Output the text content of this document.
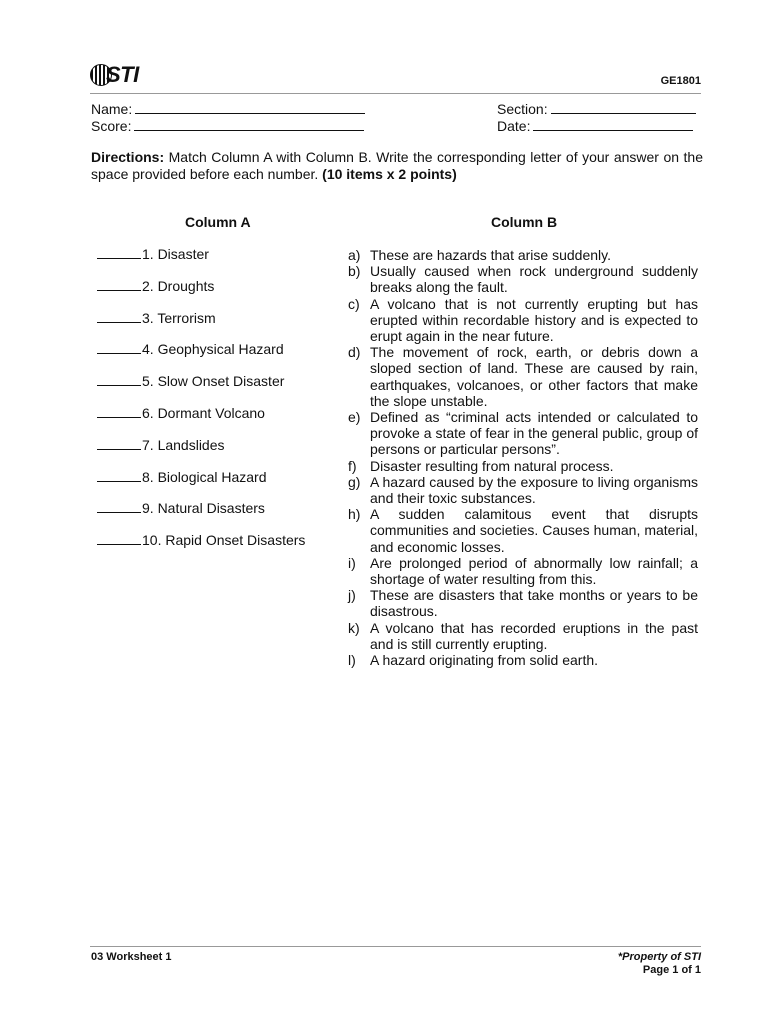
STI	GE1801
Name:
Score:
Section:
Date:
Directions: Match Column A with Column B. Write the corresponding letter of your answer on the space provided before each number. (10 items x 2 points)
Column A	Column B
1. Disaster
2. Droughts
3. Terrorism
4. Geophysical Hazard
5. Slow Onset Disaster
6. Dormant Volcano
7. Landslides
8. Biological Hazard
9. Natural Disasters
10. Rapid Onset Disasters
a) These are hazards that arise suddenly.
b) Usually caused when rock underground suddenly breaks along the fault.
c) A volcano that is not currently erupting but has erupted within recordable history and is expected to erupt again in the near future.
d) The movement of rock, earth, or debris down a sloped section of land. These are caused by rain, earthquakes, volcanoes, or other factors that make the slope unstable.
e) Defined as “criminal acts intended or calculated to provoke a state of fear in the general public, group of persons or particular persons”.
f) Disaster resulting from natural process.
g) A hazard caused by the exposure to living organisms and their toxic substances.
h) A sudden calamitous event that disrupts communities and societies. Causes human, material, and economic losses.
i)	Are prolonged period of abnormally low rainfall; a shortage of water resulting from this.
j)	These are disasters that take months or years to be disastrous.
k) A volcano that has recorded eruptions in the past and is still currently erupting.
l)	A hazard originating from solid earth.
03 Worksheet 1	*Property of STI
Page 1 of 1
